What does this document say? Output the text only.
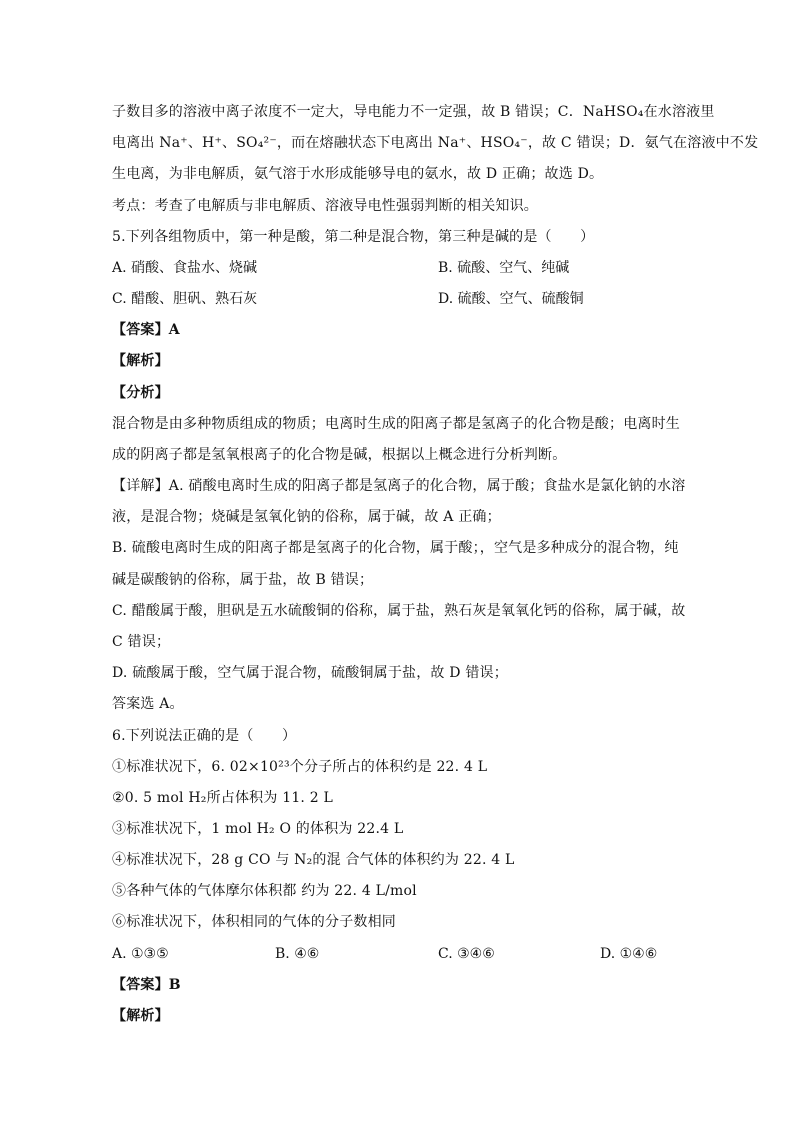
子数目多的溶液中离子浓度不一定大，导电能力不一定强，故 B 错误；C．NaHSO₄在水溶液里
电离出 Na⁺、H⁺、SO₄²⁻，而在熔融状态下电离出 Na⁺、HSO₄⁻，故 C 错误；D．氨气在溶液中不发
生电离，为非电解质，氨气溶于水形成能够导电的氨水，故 D 正确；故选 D。
考点：考查了电解质与非电解质、溶液导电性强弱判断的相关知识。
5.下列各组物质中，第一种是酸，第二种是混合物，第三种是碱的是（　　）
A. 硝酸、食盐水、烧碱	B. 硫酸、空气、纯碱
C. 醋酸、胆矾、熟石灰	D. 硫酸、空气、硫酸铜
【答案】A
【解析】
【分析】
混合物是由多种物质组成的物质；电离时生成的阳离子都是氢离子的化合物是酸；电离时生
成的阴离子都是氢氧根离子的化合物是碱，根据以上概念进行分析判断。
【详解】A. 硝酸电离时生成的阳离子都是氢离子的化合物，属于酸；食盐水是氯化钠的水溶
液，是混合物；烧碱是氢氧化钠的俗称，属于碱，故 A 正确；
B. 硫酸电离时生成的阳离子都是氢离子的化合物，属于酸；，空气是多种成分的混合物，纯
碱是碳酸钠的俗称，属于盐，故 B 错误；
C. 醋酸属于酸，胆矾是五水硫酸铜的俗称，属于盐，熟石灰是氧氧化钙的俗称，属于碱，故
C 错误；
D. 硫酸属于酸，空气属于混合物，硫酸铜属于盐，故 D 错误；
答案选 A。
6.下列说法正确的是（　　）
①标准状况下，6. 02×10²³个分子所占的体积约是 22. 4 L
②0. 5 mol H₂所占体积为 11. 2 L
③标准状况下，1 mol H₂ O 的体积为 22.4 L
④标准状况下，28 g CO 与 N₂的混 合气体的体积约为 22. 4 L
⑤各种气体的气体摩尔体积都 约为 22. 4 L/mol
⑥标准状况下，体积相同的气体的分子数相同
A. ①③⑤	B. ④⑥	C. ③④⑥	D. ①④⑥
【答案】B
【解析】
